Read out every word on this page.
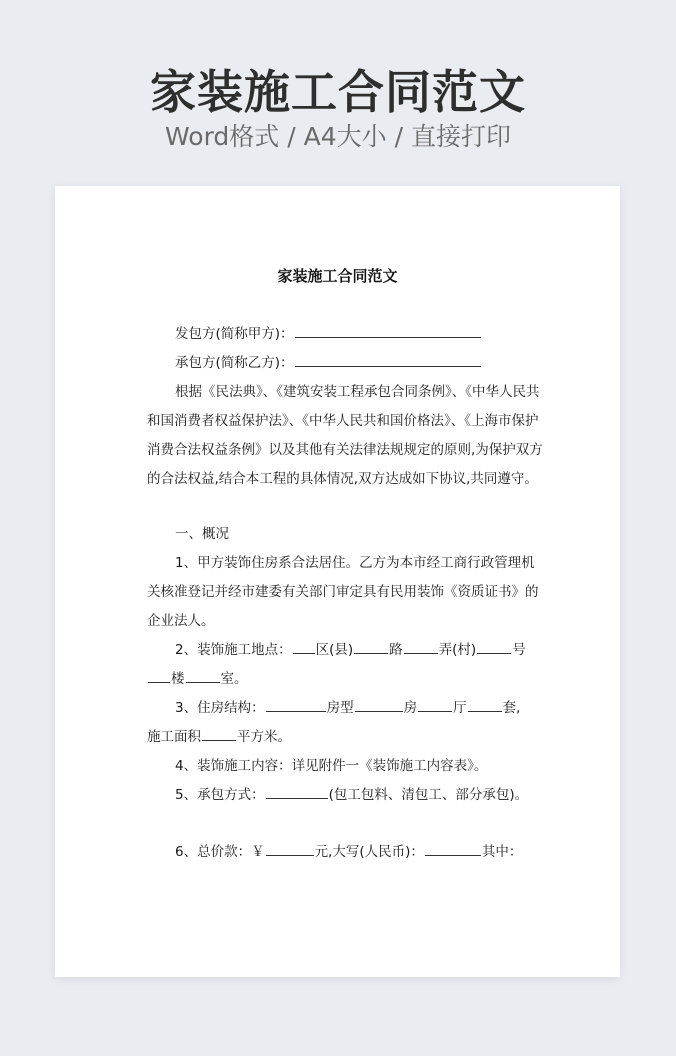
家装施工合同范文
Word格式 / A4大小 / 直接打印
家装施工合同范文
发包方(简称甲方)：
承包方(简称乙方)：
根据《民法典》、《建筑安装工程承包合同条例》、《中华人民共和国消费者权益保护法》、《中华人民共和国价格法》、《上海市保护消费合法权益条例》以及其他有关法律法规规定的原则,为保护双方的合法权益,结合本工程的具体情况,双方达成如下协议,共同遵守。
一、概况
1、甲方装饰住房系合法居住。乙方为本市经工商行政管理机关核准登记并经市建委有关部门审定具有民用装饰《资质证书》的企业法人。
2、装饰施工地点： 区(县)	路	弄(村)	号
楼	室。
3、住房结构：	房型	房	厅	套,
施工面积	平方米。
4、装饰施工内容：详见附件一《装饰施工内容表》。
5、承包方式：	(包工包料、清包工、部分承包)。
6、总价款：￥	元,大写(人民币)：	其中：
